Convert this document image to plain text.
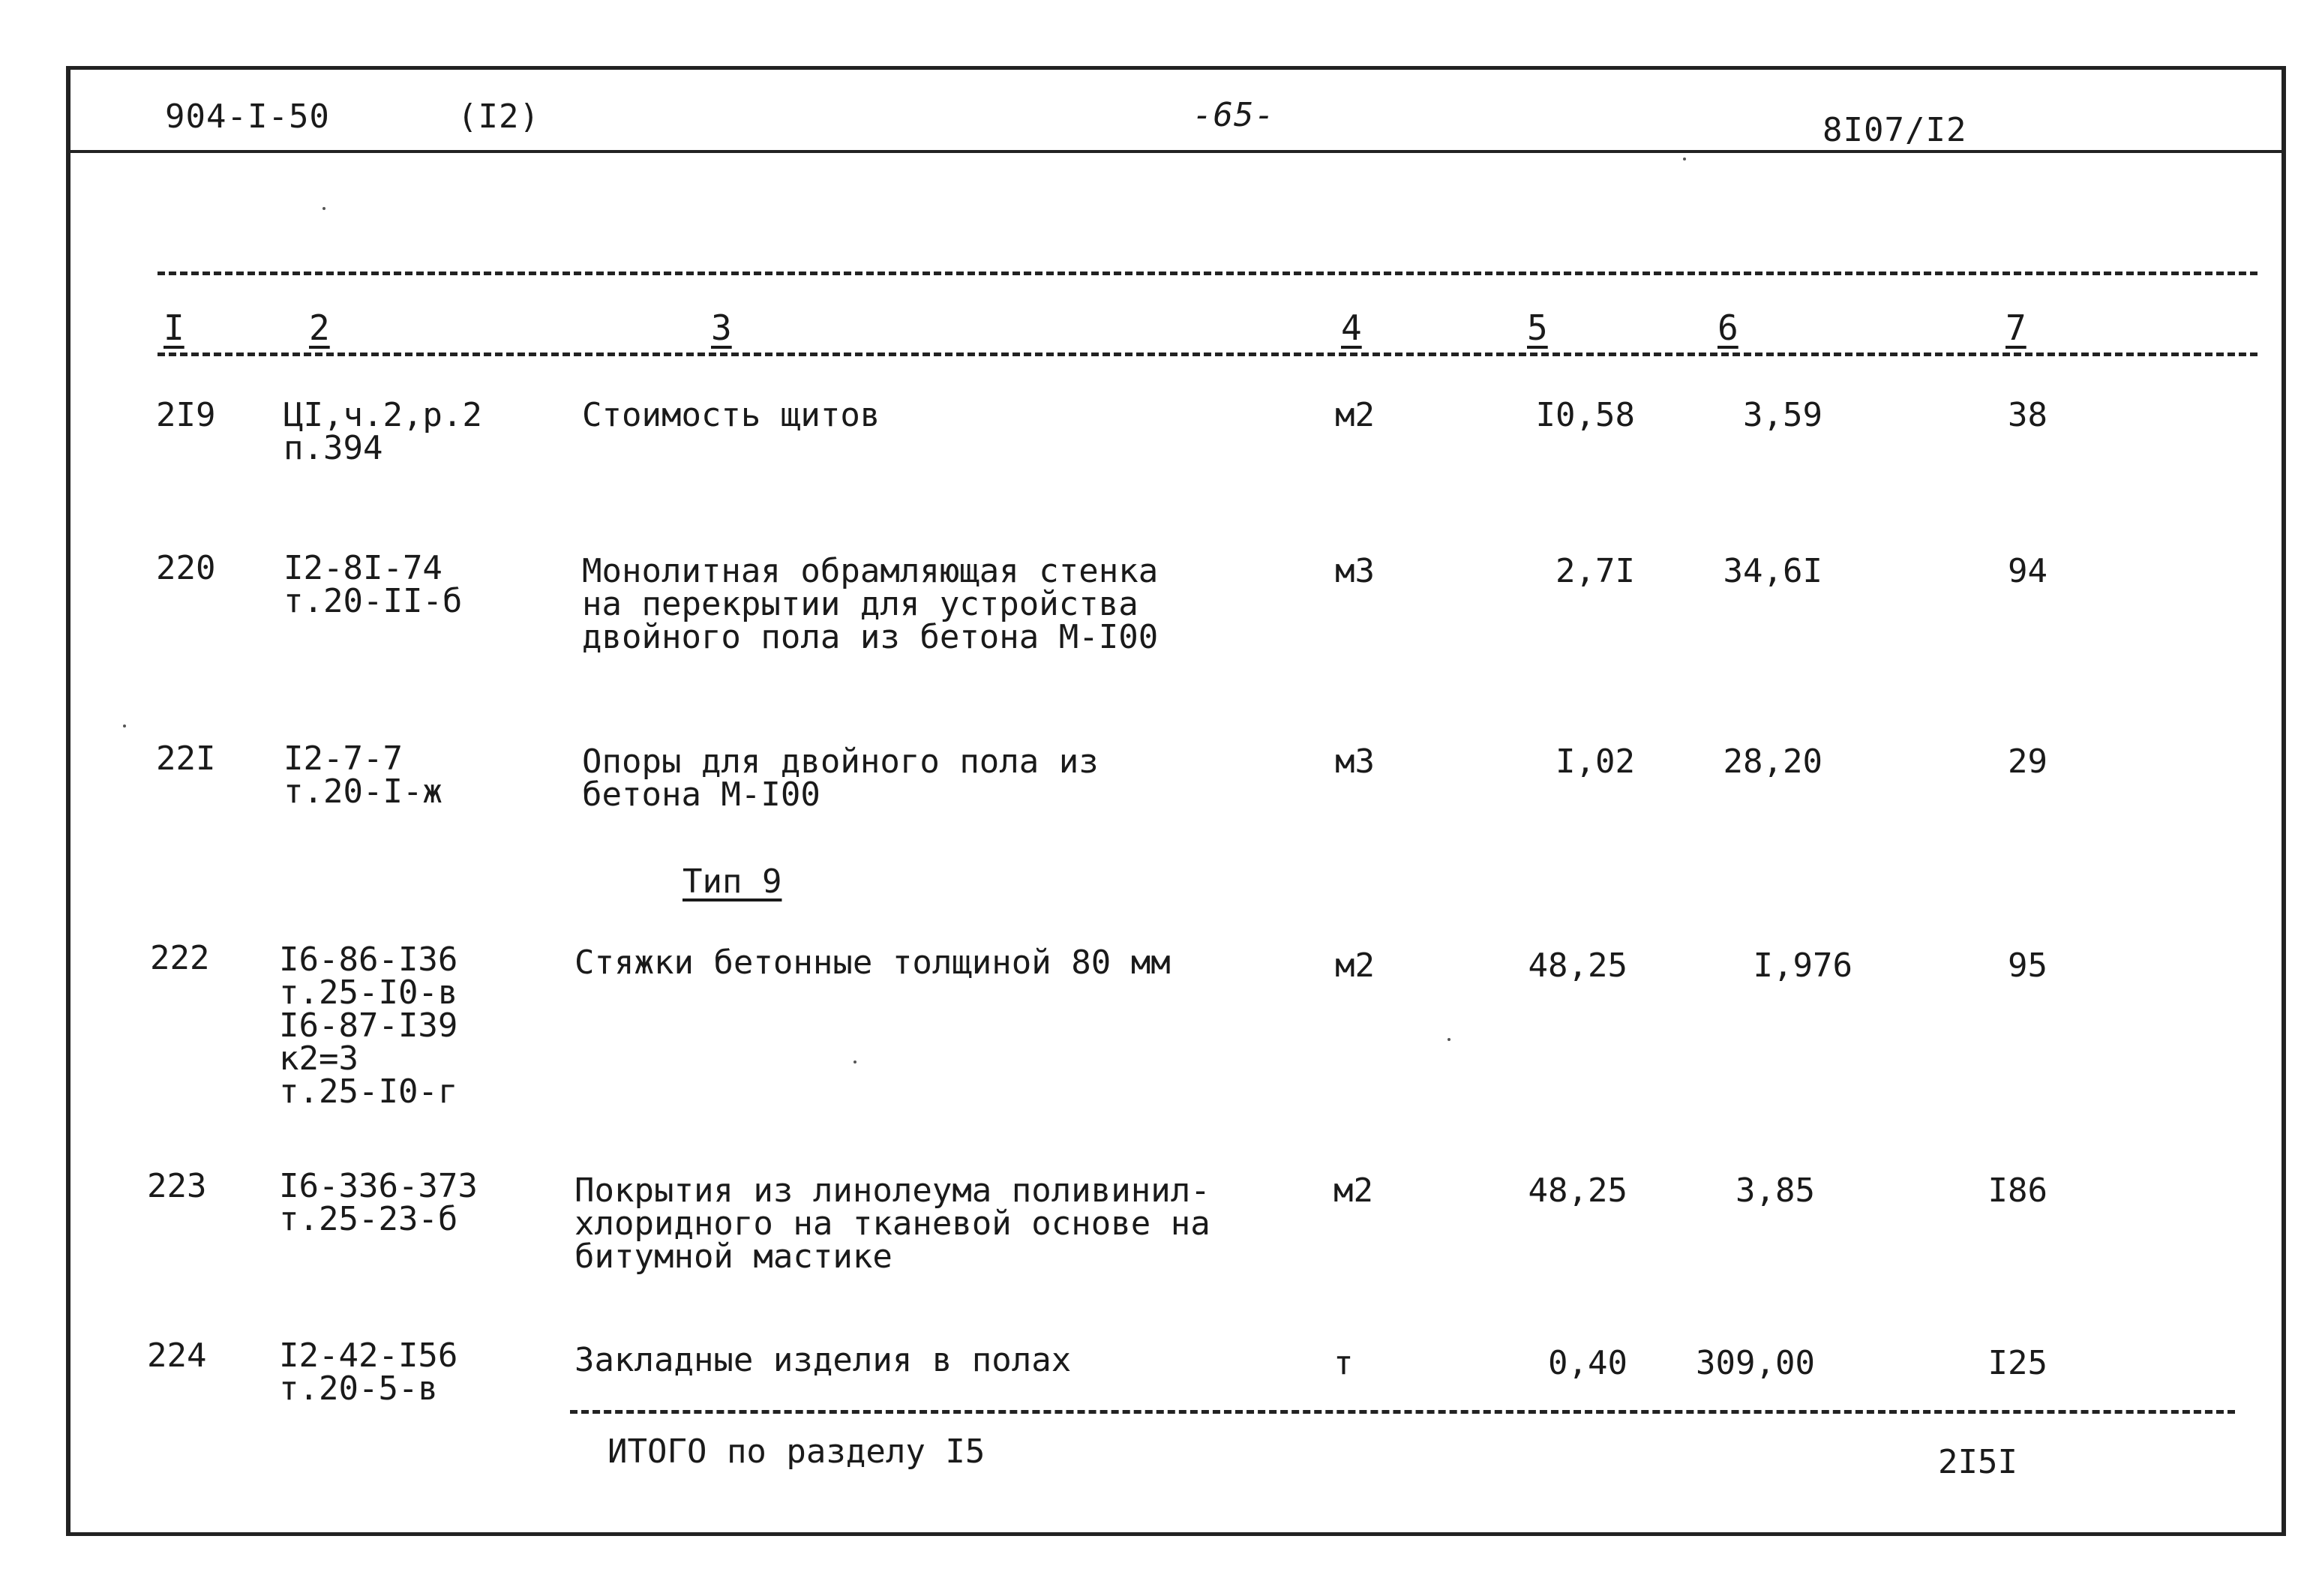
904-I-50	(I2)	-65-	8I07/I2
I	2	3	4	5	6	7
2I9 ЦI,ч.2,р.2
п.394
Стоимость щитов	м2	I0,58	3,59	38
220 I2-8I-74
т.20-II-б
Монолитная обрамляющая стенка
на перекрытии для устройства
двойного пола из бетона М-I00
м3	2,7I	34,6I	94
22I I2-7-7
т.20-I-ж
Опоры для двойного пола из
бетона М-I00
м3	I,02	28,20	29
Тип 9
222 I6-86-I36
т.25-I0-в
I6-87-I39
к2=3
т.25-I0-г
Стяжки бетонные толщиной 80 мм	м2	48,25	I,976	95
223 I6-336-373
т.25-23-б
Покрытия из линолеума поливинил-
хлоридного на тканевой основе на
битумной мастике
м2	48,25	3,85	I86
224 I2-42-I56
т.20-5-в
Закладные изделия в полах	т	0,40	309,00	I25
ИТОГО по разделу I5	2I5I
